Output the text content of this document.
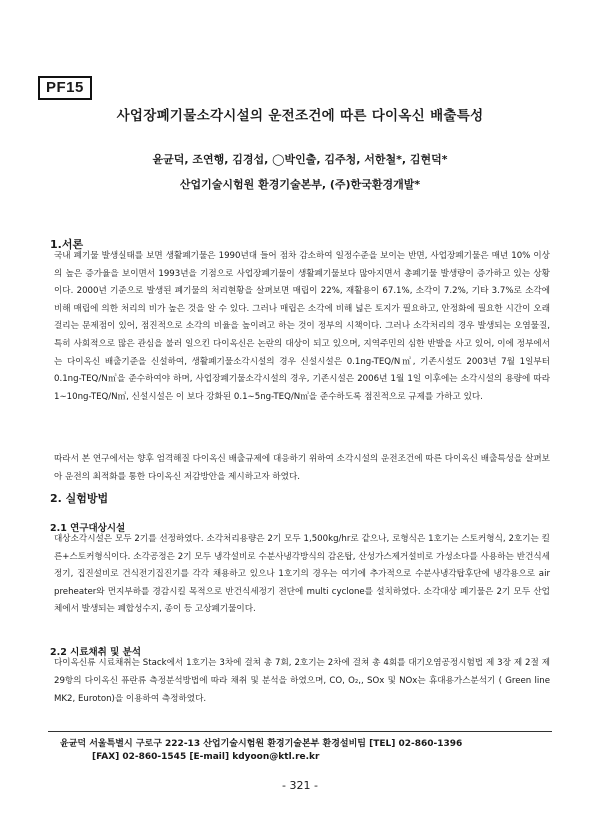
PF15
사업장폐기물소각시설의 운전조건에 따른 다이옥신 배출특성
윤균덕, 조연행, 김경섭, ◯박인출, 김주청, 서한철*, 김현덕*
산업기술시험원 환경기술본부, (주)한국환경개발*
1.서론

국내 폐기물 발생실태를 보면 생활폐기물은 1990년대 들어 점차 감소하여 일정수준을 보이는 반면, 사업장폐기물은 매년 10% 이상의 높은 증가율을 보이면서 1993년을 기점으로 사업장폐기물이 생활폐기물보다 많아지면서 총폐기물 발생량이 증가하고 있는 상황이다. 2000년 기준으로 발생된 폐기물의 처리현황을 살펴보면 매립이 22%, 재활용이 67.1%, 소각이 7.2%, 기타 3.7%로 소각에 비해 매립에 의한 처리의 비가 높은 것을 알 수 있다. 그러나 매립은 소각에 비해 넓은 토지가 필요하고, 안정화에 필요한 시간이 오래 걸리는 문제점이 있어, 점진적으로 소각의 비율을 높이려고 하는 것이 정부의 시책이다. 그러나 소각처리의 경우 발생되는 오염물질, 특히 사회적으로 많은 관심을 불러 일으킨 다이옥신은 논란의 대상이 되고 있으며, 지역주민의 심한 반발을 사고 있어, 이에 정부에서는 다이옥신 배출기준을 신설하여, 생활폐기물소각시설의 경우 신설시설은 0.1ng-TEQ/N㎥, 기존시설도 2003년 7월 1일부터 0.1ng-TEQ/N㎥을 준수하여야 하며, 사업장폐기물소각시설의 경우, 기존시설은 2006년 1월 1일 이후에는 소각시설의 용량에 따라 1∼10ng-TEQ/N㎥, 신설시설은 이 보다 강화된 0.1∼5ng-TEQ/N㎥을 준수하도록 점진적으로 규제를 가하고 있다.

따라서 본 연구에서는 향후 엄격해질 다이옥신 배출규제에 대응하기 위하여 소각시설의 운전조건에 따른 다이옥신 배출특성을 살펴보아 운전의 최적화를 통한 다이옥신 저감방안을 제시하고자 하였다.

2. 실험방법
2.1 연구대상시설

대상소각시설은 모두 2기를 선정하였다. 소각처리용량은 2기 모두 1,500kg/hr로 같으나, 로형식은 1호기는 스토커형식, 2호기는 킬른+스토커형식이다. 소각공정은 2기 모두 냉각설비로 수분사냉각방식의 감온탑, 산성가스제거설비로 가성소다를 사용하는 반건식세정기, 집진설비로 건식전기집진기를 각각 채용하고 있으나 1호기의 경우는 여기에 추가적으로 수분사냉각탑후단에 냉각용으로 air preheater와 먼지부하를 경감시킬 목적으로 반건식세정기 전단에 multi cyclone를 설치하였다. 소각대상 폐기물은 2기 모두 산업체에서 발생되는 폐합성수지, 종이 등 고상폐기물이다.

2.2 시료채취 및 분석

다이옥신류 시료채취는 Stack에서 1호기는 3차에 걸쳐 총 7회, 2호기는 2차에 걸쳐 총 4회를 대기오염공정시험법 제 3장 제 2절 제29항의 다이옥신 퓨란류 측정분석방법에 따라 채취 및 분석을 하였으며, CO, O₂,, SOx 및 NOx는 휴대용가스분석기 ( Green line MK2, Euroton)을 이용하여 측정하였다.

윤균덕 서울특별시 구로구 222-13 산업기술시험원 환경기술본부 환경설비팀 [TEL] 02-860-1396
[FAX] 02-860-1545 [E-mail] kdyoon@ktl.re.kr
- 321 -
